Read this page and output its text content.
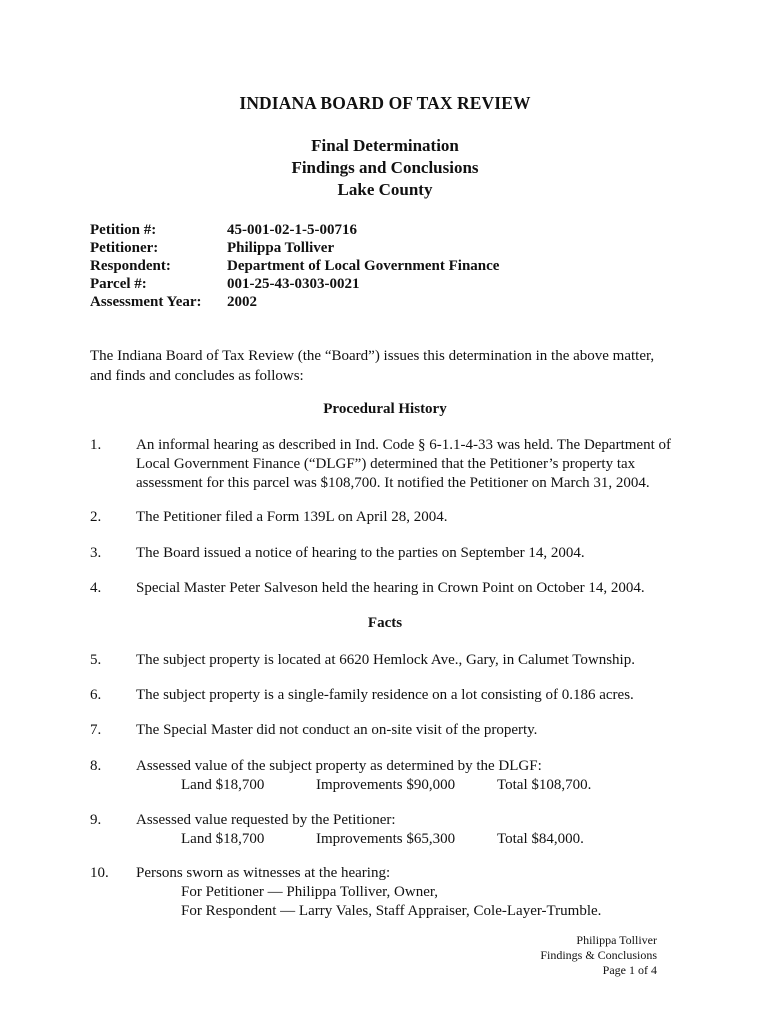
INDIANA BOARD OF TAX REVIEW
Final Determination
Findings and Conclusions
Lake County
Petition #:	45-001-02-1-5-00716
Petitioner:	Philippa Tolliver
Respondent:	Department of Local Government Finance
Parcel #:	001-25-43-0303-0021
Assessment Year: 2002
The Indiana Board of Tax Review (the “Board”) issues this determination in the above matter,
and finds and concludes as follows:
Procedural History
1. An informal hearing as described in Ind. Code § 6-1.1-4-33 was held. The Department of
Local Government Finance (“DLGF”) determined that the Petitioner’s property tax
assessment for this parcel was $108,700. It notified the Petitioner on March 31, 2004.
2. The Petitioner filed a Form 139L on April 28, 2004.
3. The Board issued a notice of hearing to the parties on September 14, 2004.
4. Special Master Peter Salveson held the hearing in Crown Point on October 14, 2004.
Facts
5. The subject property is located at 6620 Hemlock Ave., Gary, in Calumet Township.
6. The subject property is a single-family residence on a lot consisting of 0.186 acres.
7. The Special Master did not conduct an on-site visit of the property.
8. Assessed value of the subject property as determined by the DLGF:
Land $18,700	Improvements $90,000	Total $108,700.
9. Assessed value requested by the Petitioner:
Land $18,700	Improvements $65,300	Total $84,000.
10. Persons sworn as witnesses at the hearing:
For Petitioner — Philippa Tolliver, Owner,
For Respondent — Larry Vales, Staff Appraiser, Cole-Layer-Trumble.
Philippa Tolliver
Findings & Conclusions
Page 1 of 4
